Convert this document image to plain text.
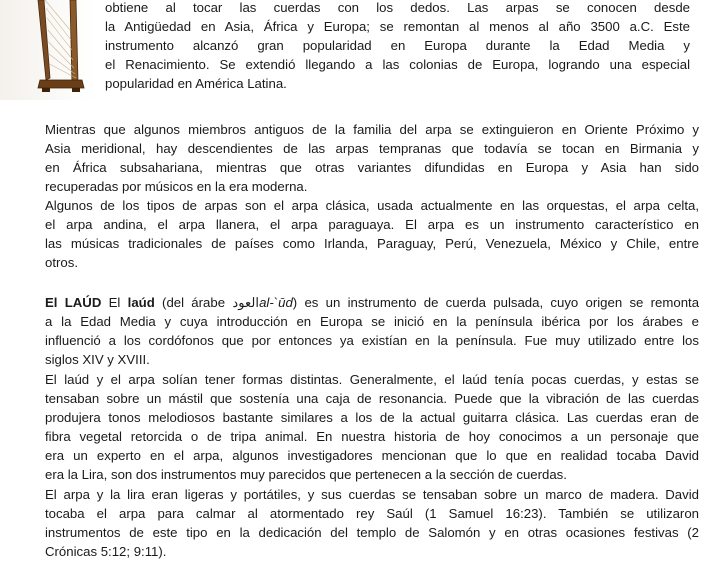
obtiene al tocar las cuerdas con los dedos. Las arpas se conocen desde
la Antigüedad en Asia, África y Europa; se remontan al menos al año 3500 a.C. Este
instrumento alcanzó gran popularidad en Europa durante la Edad Media y
el Renacimiento. Se extendió llegando a las colonias de Europa, logrando una especial
popularidad en América Latina.
Mientras que algunos miembros antiguos de la familia del arpa se extinguieron en Oriente Próximo y
Asia meridional, hay descendientes de las arpas tempranas que todavía se tocan en Birmania y
en África subsahariana, mientras que otras variantes difundidas en Europa y Asia han sido
recuperadas por músicos en la era moderna.
Algunos de los tipos de arpas son el arpa clásica, usada actualmente en las orquestas, el arpa celta,
el arpa andina, el arpa llanera, el arpa paraguaya. El arpa es un instrumento característico en
las músicas tradicionales de países como Irlanda, Paraguay, Perú, Venezuela, México y Chile, entre
otros.
El LAÚD El laúd (del árabe العودal-`ūd) es un instrumento de cuerda pulsada, cuyo origen se remonta
a la Edad Media y cuya introducción en Europa se inició en la península ibérica por los árabes e
influenció a los cordófonos que por entonces ya existían en la península. Fue muy utilizado entre los
siglos XIV y XVIII.
El laúd y el arpa solían tener formas distintas. Generalmente, el laúd tenía pocas cuerdas, y estas se
tensaban sobre un mástil que sostenía una caja de resonancia. Puede que la vibración de las cuerdas
produjera tonos melodiosos bastante similares a los de la actual guitarra clásica. Las cuerdas eran de
fibra vegetal retorcida o de tripa animal. En nuestra historia de hoy conocimos a un personaje que
era un experto en el arpa, algunos investigadores mencionan que lo que en realidad tocaba David
era la Lira, son dos instrumentos muy parecidos que pertenecen a la sección de cuerdas.
El arpa y la lira eran ligeras y portátiles, y sus cuerdas se tensaban sobre un marco de madera. David
tocaba el arpa para calmar al atormentado rey Saúl (1 Samuel 16:23). También se utilizaron
instrumentos de este tipo en la dedicación del templo de Salomón y en otras ocasiones festivas (2
Crónicas 5:12; 9:11).
